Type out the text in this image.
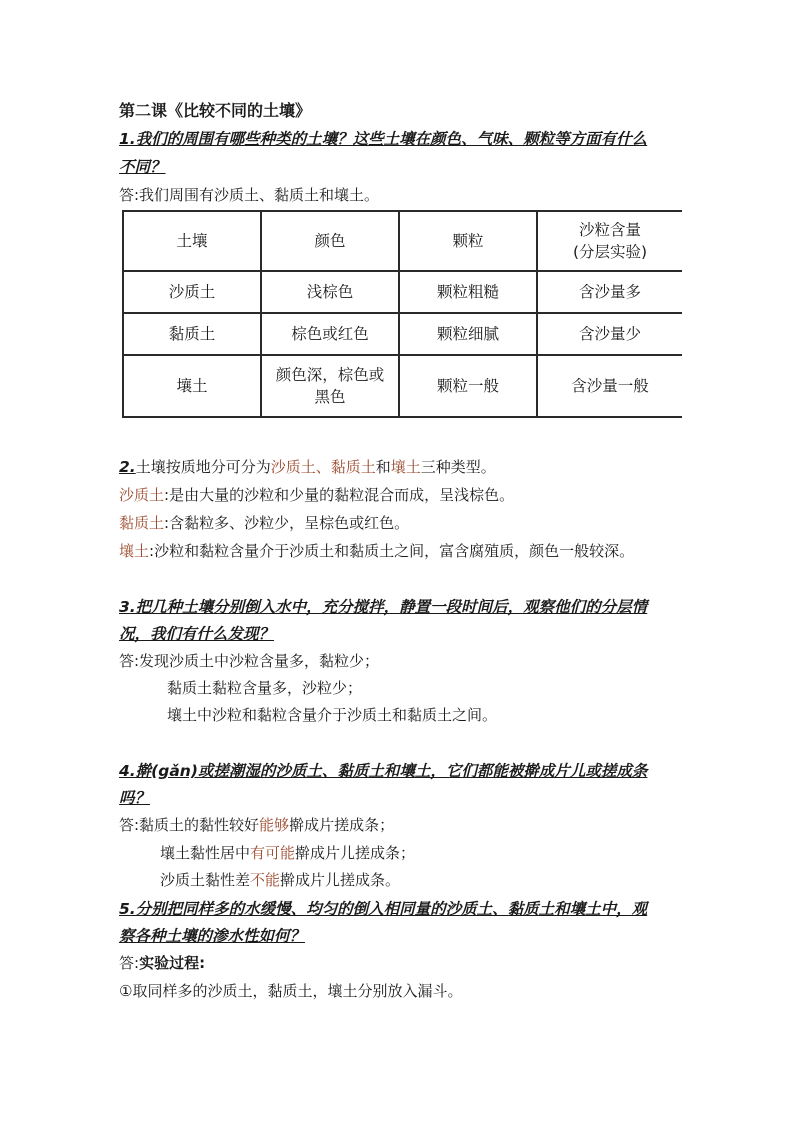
第二课《比较不同的土壤》
1.我们的周围有哪些种类的土壤？这些土壤在颜色、气味、颗粒等方面有什么
不同？
答:我们周围有沙质土、黏质土和壤土。
土壤	颜色	颗粒	沙粒含量
(分层实验)

沙质土	浅棕色	颗粒粗糙	含沙量多
黏质土	棕色或红色	颗粒细腻	含沙量少
壤土	颜色深，棕色或
黑色	颗粒一般	含沙量一般
2.土壤按质地分可分为沙质土、黏质土和壤土三种类型。
沙质土:是由大量的沙粒和少量的黏粒混合而成，呈浅棕色。
黏质土:含黏粒多、沙粒少，呈棕色或红色。
壤土:沙粒和黏粒含量介于沙质土和黏质土之间，富含腐殖质，颜色一般较深。
3.把几种土壤分别倒入水中，充分搅拌，静置一段时间后，观察他们的分层情
况，我们有什么发现？
答:发现沙质土中沙粒含量多，黏粒少；
黏质土黏粒含量多，沙粒少；
壤土中沙粒和黏粒含量介于沙质土和黏质土之间。
4.擀(gǎn)或搓潮湿的沙质土、黏质土和壤土，它们都能被擀成片儿或搓成条
吗？
答:黏质土的黏性较好能够擀成片搓成条；
壤土黏性居中有可能擀成片儿搓成条；
沙质土黏性差不能擀成片儿搓成条。
5.分别把同样多的水缓慢、均匀的倒入相同量的沙质土、黏质土和壤土中，观
察各种土壤的渗水性如何？
答:实验过程:
①取同样多的沙质土，黏质土，壤土分别放入漏斗。
